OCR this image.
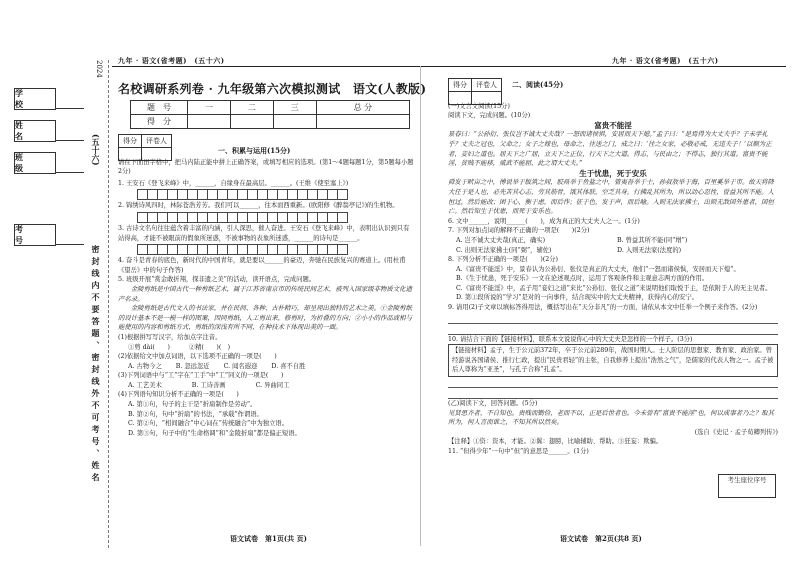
九年 · 语文(省考题)　(五十六)	九年 · 语文(省考题)　(五十六)
学　校
姓　名
班　级
考　号
2024
(五十六)
密封线内不要答题、密封线外不可考号、姓名
名校调研系列卷 · 九年级第六次模拟测试　语文(人教版)
题　号	一	二	三	总 分
得　分				
得分	评卷人

一、积累与运用(15分)

请在下面田字格中，把马内陆正能中拼上正确答案，或填写相应的选项。(第1～4题每题1分，第5题每小题2分)

1. 王安石《登飞来峰》中，______，自缘身在最高层。______。(王维《使至塞上》)

2. 锦绣诗风四时，林际苍浩芳芳。我们可以______，往本而西重新。(欧阳修《醉翁亭记》)的生机物。

3. 古诗文名句往往蕴含着丰富的内涵，引人深思，催人奋进。王安石《登飞来峰》中，表明出认识到只有站得高，才能不被眼前的假象所迷惑，不被事物的表象所迷惑，______的诗句是______。

4. 奋斗是青春的底色，新时代的中国青年，就是要以______的豪迈，奔驰在民族复兴的赛道上。(用杜甫《望岳》中的句子作答)

5. 班级开展“赏金敢折翔，探非遗之美”的活动，读开语点，完成问题。

　　金陵剪纸是中国古代一种剪纸艺术，属于江苏省南京市的传统民间艺术，被列入国家级非物质文化遗产名录。

　　金陵剪纸是古代文人的书法家，并在民间、各种、古朴精巧，却呈现出独特的艺术之美。①金陵剪纸的设计基本不是一模一样的图案，因同剪纸，人工剪出来，修剪时，为折叠的方向；②小小的作品或相与能使用的内容和剪纸方式、剪纸的深浅有所不同，在种技术下体现出美的一面。

(1)根据拼写写汉字，给加点字注音。

①剪 dài(　　)　　　②精(　　)(　)

(2)依据给文中加点词语，以下选项不正确的一项是(　　)

A. 古物今之 B. 忽远忽近 C. 闻名遐迩 D. 喜不自胜

(3)下列词语中与“工”字在“工手”中“工”同义的一项是(　　)

A. 工艺美术	B. 工诗善画	C. 异曲同工

(4)下列语句知识分析不正确的一项是(　　)

A. 第①句，句子的主干是“折扇制作是劳动”。

B. 第②句，句中“折扇”的书法，“承载”作谓语。

C. 第②句，“相间融合”中心词在“传统融合”中为独立语。

D. 第③句，句子中的“生命格调”和“金陵折扇”都是偏正短语。

语文试卷　第1页(共 页)
得分	评卷人
	二、阅读(45分)

(一)文言文阅读(15分)

阅读下文，完成问题。(10分)

富贵不能淫

景春曰：“公孙衍、张仪岂不诚大丈夫哉？一怒而诸侯惧，安居而天下熄。”孟子曰：“是焉得为大丈夫乎？子未学礼乎？丈夫之冠也，父命之；女子之嫁也，母命之，往送之门，戒之曰：‘往之女家，必敬必戒，无违夫子！’以顺为正者，妾妇之道也。居天下之广居，立天下之正位，行天下之大道。得志，与民由之；不得志，独行其道。富贵不能淫，贫贱不能移，威武不能屈，此之谓大丈夫。”

生于忧患，死于安乐

舜发于畎亩之中，傅说举于版筑之间，胶鬲举于鱼盐之中，管夷吾举于士，孙叔敖举于海，百里奚举于市。故天将降大任于是人也，必先苦其心志，劳其筋骨，饿其体肤，空乏其身，行拂乱其所为，所以动心忍性，曾益其所不能。人恒过，然后能改；困于心，衡于虑，而后作；征于色，发于声，而后喻。入则无法家拂士，出则无敌国外患者，国恒亡。然后知生于忧患，而死于安乐也。

6. 文中______，说明______(　　)，成为真正的大丈夫人之一。(1分)

7. 下列对加点词的解释不正确的一项是(　　)(2分)

A. 岂不诚大丈夫哉(真正，确实)	B. 曾益其所不能(同“增”)
C. 出则无法家拂士(同“弼”，辅佐)	D. 入则无法家(法度的)

8. 下列分析不正确的一项是(　　)(2分)

A.《富贵不能淫》中，景春认为公孙衍、张仪是真正的大丈夫，他们“一怒而诸侯惧，安居而天下熄”。

B.《生于忧患，死于安乐》一文在论述观点时，运用了客观条件和主观意志两方面的作用。

C.《富贵不能淫》中，孟子用“妾妇之道”来比“公孙衍、张仪之道”来说明他们取悦于主，是依附于人的无主见者。

D. 第①段所说的“学习”是对的一向事件，结合现实中的大丈夫精神，获得内心的安宁。

9. 请用(2)子文章以填标答得用法，概括写出在“天分非凡”的一方面，请依从本文中任举一个例子来作答。(2分)

10. 请结合下面的【链接材料】，联系本文说说你心中的大丈夫是怎样的一个样子。(3分)

【链接材料】孟子，生于公元前372年，卒于公元前289年，战国时期人。士人阶层的思想家、教育家、政治家。曾经游说各国诸侯、推行仁政，提出“民贵君轻”的主张，自我修养上提出“浩然之气”，是儒家的代表人物之一。孟子被后人尊称为“亚圣”，与孔子合称“孔孟”。

(乙)阅读下文，回答问题。(5分)

见贤思齐者，不自知也。贵贱而勤俭，老而不以，正是后世者也。今未曾有“富贵不能淫”也，何以成事者乃之？取其所为，何人言而谁之，不知其所以然矣。

(选自《史记 · 孟子荀卿列传》)

【注释】①资：资本，才能。②翼：翅膀，比喻辅助、帮助。③狂妄：欺骗。

11. “但得少年”一句中“但”的意思是______。(1分)

考生座位序号
语文试卷　第2页(共8 页)
